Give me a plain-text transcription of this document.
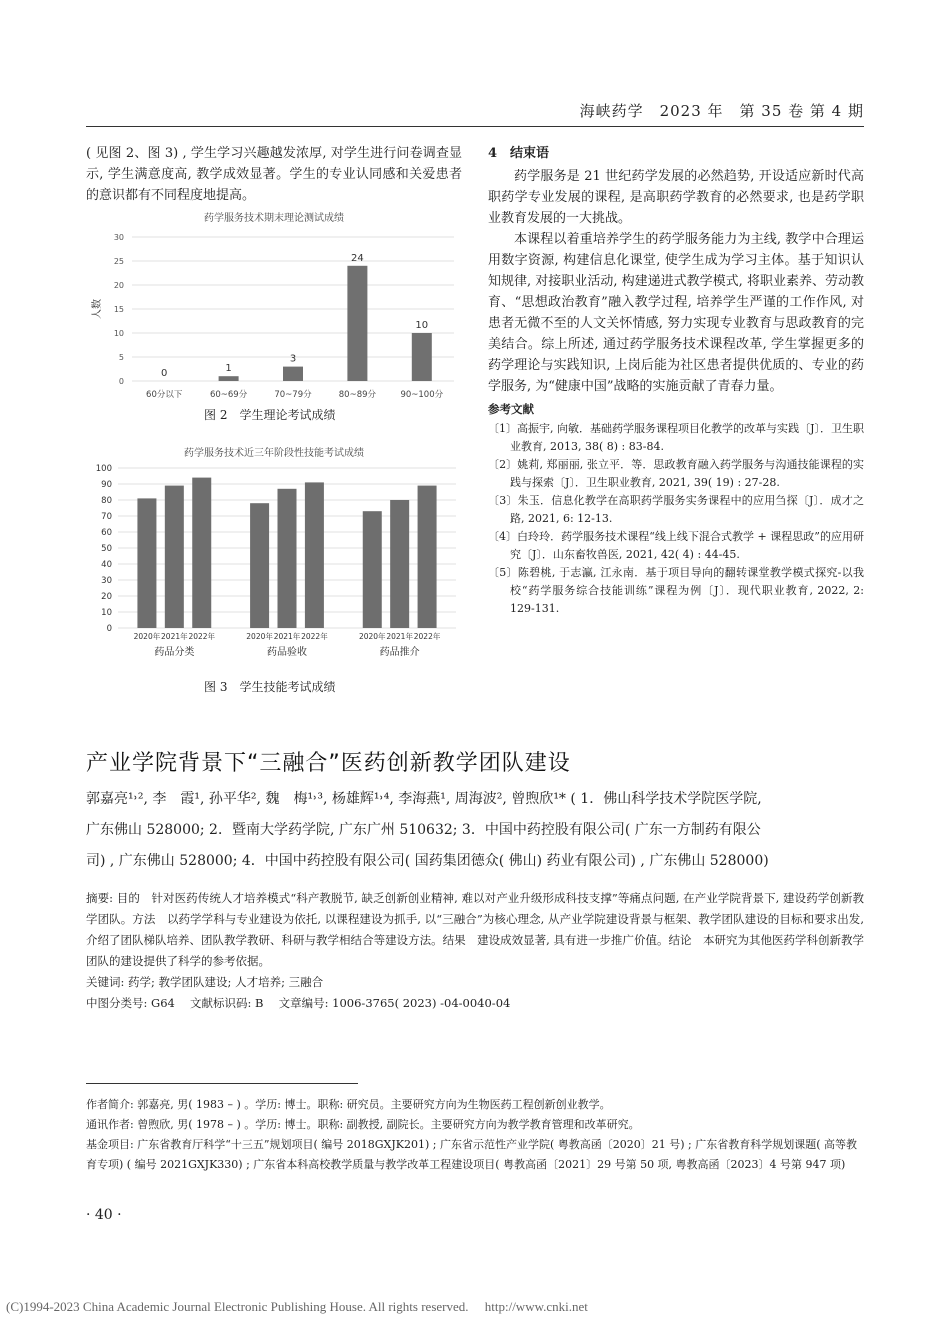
海峡药学　2023 年　第 35 卷 第 4 期

( 见图 2、图 3) , 学生学习兴趣越发浓厚, 对学生进行问卷调查显示, 学生满意度高, 教学成效显著。学生的专业认同感和关爱患者的意识都有不同程度地提高。

药学服务技术期末理论测试成绩
0
5
10
15
20
25
30
人数
0
60分以下
1
60~69分
3
70~79分
24
80~89分
10
90~100分
图 2　学生理论考试成绩
药学服务技术近三年阶段性技能考试成绩
0
10
20
30
40
50
60
70
80
90
100
2020年 2021年 2022年
药品分类
2020年 2021年 2022年
药品验收
2020年 2021年 2022年
药品推介
图 3　学生技能考试成绩
4　结束语

药学服务是 21 世纪药学发展的必然趋势, 开设适应新时代高职药学专业发展的课程, 是高职药学教育的必然要求, 也是药学职业教育发展的一大挑战。

本课程以着重培养学生的药学服务能力为主线, 教学中合理运用数字资源, 构建信息化课堂, 使学生成为学习主体。基于知识认知规律, 对接职业活动, 构建递进式教学模式, 将职业素养、劳动教育、“思想政治教育”融入教学过程, 培养学生严谨的工作作风, 对患者无微不至的人文关怀情感, 努力实现专业教育与思政教育的完美结合。综上所述, 通过药学服务技术课程改革, 学生掌握更多的药学理论与实践知识, 上岗后能为社区患者提供优质的、专业的药学服务, 为“健康中国”战略的实施贡献了青春力量。

参考文献
〔1〕高振宇, 向敏．基础药学服务课程项目化教学的改革与实践〔J〕．卫生职业教育, 2013, 38( 8) : 83-84.
〔2〕姚莉, 郑丽丽, 张立平．等．思政教育融入药学服务与沟通技能课程的实践与探索〔J〕．卫生职业教育, 2021, 39( 19) : 27-28.
〔3〕朱玉．信息化教学在高职药学服务实务课程中的应用刍探〔J〕．成才之路, 2021, 6: 12-13.
〔4〕白玲玲．药学服务技术课程“线上线下混合式教学 + 课程思政”的应用研究〔J〕．山东畜牧兽医, 2021, 42( 4) : 44-45.
〔5〕陈碧桃, 于志瀛, 江永南．基于项目导向的翻转课堂教学模式探究-以我校“药学服务综合技能训练”课程为例〔J〕．现代职业教育, 2022, 2: 129-131.
产业学院背景下“三融合”医药创新教学团队建设
郭嘉亮¹˒², 李　霞¹, 孙平华², 魏　梅¹˒³, 杨雄辉¹˒⁴, 李海燕¹, 周海波², 曾煦欣¹* ( 1．佛山科学技术学院医学院,
广东佛山 528000; 2．暨南大学药学院, 广东广州 510632; 3．中国中药控股有限公司( 广东一方制药有限公
司) , 广东佛山 528000; 4．中国中药控股有限公司( 国药集团德众( 佛山) 药业有限公司) , 广东佛山 528000)
摘要: 目的　针对医药传统人才培养模式“科产教脱节, 缺乏创新创业精神, 难以对产业升级形成科技支撑”等痛点问题, 在产业学院背景下, 建设药学创新教学团队。方法　以药学学科与专业建设为依托, 以课程建设为抓手, 以“三融合”为核心理念, 从产业学院建设背景与框架、教学团队建设的目标和要求出发, 介绍了团队梯队培养、团队教学教研、科研与教学相结合等建设方法。结果　建设成效显著, 具有进一步推广价值。结论　本研究为其他医药学科创新教学团队的建设提供了科学的参考依据。
关键词: 药学; 教学团队建设; 人才培养; 三融合
中图分类号: G64　 文献标识码: B　 文章编号: 1006-3765( 2023) -04-0040-04
作者简介: 郭嘉亮, 男( 1983 – ) 。学历: 博士。职称: 研究员。主要研究方向为生物医药工程创新创业教学。
通讯作者: 曾煦欣, 男( 1978 – ) 。学历: 博士。职称: 副教授, 副院长。主要研究方向为教学教育管理和改革研究。
基金项目: 广东省教育厅科学“十三五”规划项目( 编号 2018GXJK201) ; 广东省示范性产业学院( 粤教高函〔2020〕21 号) ; 广东省教育科学规划课题( 高等教育专项) ( 编号 2021GXJK330) ; 广东省本科高校教学质量与教学改革工程建设项目( 粤教高函〔2021〕29 号第 50 项, 粤教高函〔2023〕4 号第 947 项)
· 40 ·
(C)1994-2023 China Academic Journal Electronic Publishing House. All rights reserved.　 http://www.cnki.net
